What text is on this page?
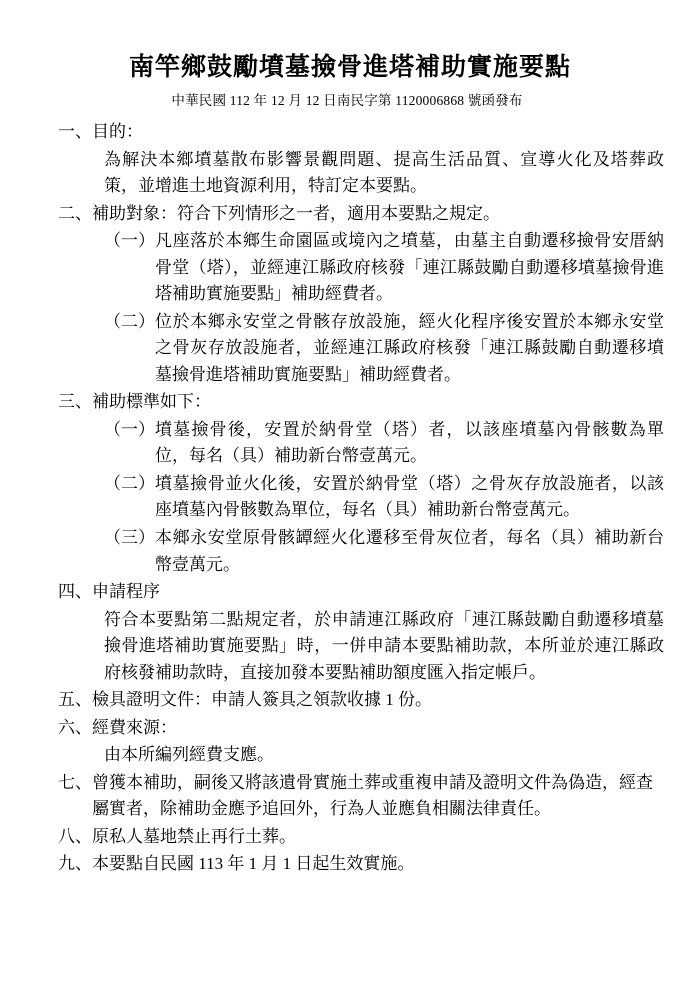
南竿鄉鼓勵墳墓撿骨進塔補助實施要點
中華民國 112 年 12 月 12 日南民字第 1120006868 號函發布
一、 目的：
為解決本鄉墳墓散布影響景觀問題、提高生活品質、宣導火化及塔葬政策，並增進土地資源利用，特訂定本要點。
二、 補助對象：符合下列情形之一者，適用本要點之規定。
（一） 凡座落於本鄉生命園區或境內之墳墓，由墓主自動遷移撿骨安厝納骨堂（塔），並經連江縣政府核發「連江縣鼓勵自動遷移墳墓撿骨進塔補助實施要點」補助經費者。
（二） 位於本鄉永安堂之骨骸存放設施，經火化程序後安置於本鄉永安堂之骨灰存放設施者，並經連江縣政府核發「連江縣鼓勵自動遷移墳墓撿骨進塔補助實施要點」補助經費者。
三、 補助標準如下：
（一） 墳墓撿骨後，安置於納骨堂（塔）者，以該座墳墓內骨骸數為單位，每名（具）補助新台幣壹萬元。
（二） 墳墓撿骨並火化後，安置於納骨堂（塔）之骨灰存放設施者，以該座墳墓內骨骸數為單位，每名（具）補助新台幣壹萬元。
（三） 本鄉永安堂原骨骸罈經火化遷移至骨灰位者，每名（具）補助新台幣壹萬元。
四、 申請程序
符合本要點第二點規定者，於申請連江縣政府「連江縣鼓勵自動遷移墳墓撿骨進塔補助實施要點」時，一併申請本要點補助款，本所並於連江縣政府核發補助款時，直接加發本要點補助額度匯入指定帳戶。
五、 檢具證明文件：申請人簽具之領款收據 1 份。
六、 經費來源：
由本所編列經費支應。
七、 曾獲本補助，嗣後又將該遺骨實施土葬或重複申請及證明文件為偽造，經查屬實者，除補助金應予追回外，行為人並應負相關法律責任。
八、 原私人墓地禁止再行土葬。
九、 本要點自民國 113 年 1 月 1 日起生效實施。
